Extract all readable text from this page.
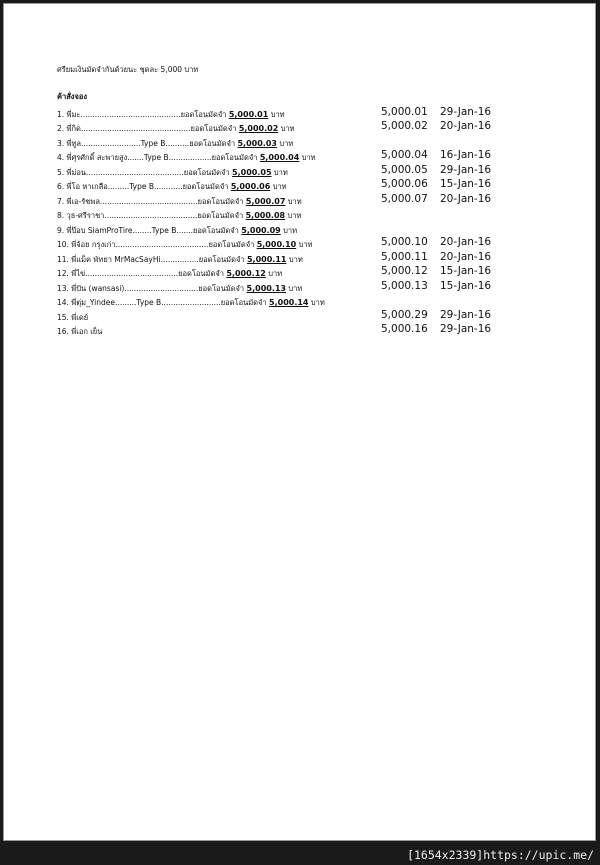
ศรียมเงินมัดจำกันด้วยนะ ชุดละ 5,000 บาท
ค้าสั่งจอง
1. พี่มะ..........................................ยอดโอนมัดจำ 5,000.01 บาท	5,000.01 29-Jan-16
2. พี่กิด..............................................ยอดโอนมัดจำ 5,000.02 บาท	5,000.02 20-Jan-16
3. พี่ทูล.........................Type B..........ยอดโอนมัดจำ 5,000.03 บาท
4. พี่ศุรศักดิ์ สะพายสูง.......Type B..................ยอดโอนมัดจำ 5,000.04 บาท	5,000.04 16-Jan-16
5. พี่ม่อน.........................................ยอดโอนมัดจำ 5,000.05 บาท	5,000.05 29-Jan-16
6. พี่โอ หาเกลือ.........Type B............ยอดโอนมัดจำ 5,000.06 บาท	5,000.06 15-Jan-16
7. พี่เอ-รัชพล.........................................ยอดโอนมัดจำ 5,000.07 บาท	5,000.07 20-Jan-16
8. วุธ-ศรีราชา.......................................ยอดโอนมัดจำ 5,000.08 บาท
9. พี่ป๊อบ SiamProTire........Type B.......ยอดโอนมัดจำ 5,000.09 บาท
10. พี่จ้อย กรุงเก่า.......................................ยอดโอนมัดจำ 5,000.10 บาท	5,000.10 20-Jan-16
11. พี่แม็ค พัทยา MrMacSayHi................ยอดโอนมัดจำ 5,000.11 บาท	5,000.11 20-Jan-16
12. พี่ไข่.......................................ยอดโอนมัดจำ 5,000.12 บาท	5,000.12 15-Jan-16
13. พี่ปัน (wansasi)...............................ยอดโอนมัดจำ 5,000.13 บาท	5,000.13 15-Jan-16
14. พี่ตุ่ม_Yindee.........Type B.........................ยอดโอนมัดจำ 5,000.14 บาท
15. พี่เดย์	5,000.29 29-Jan-16
16. พี่เอก เย็น	5,000.16 29-Jan-16
[1654x2339]https://upic.me/
